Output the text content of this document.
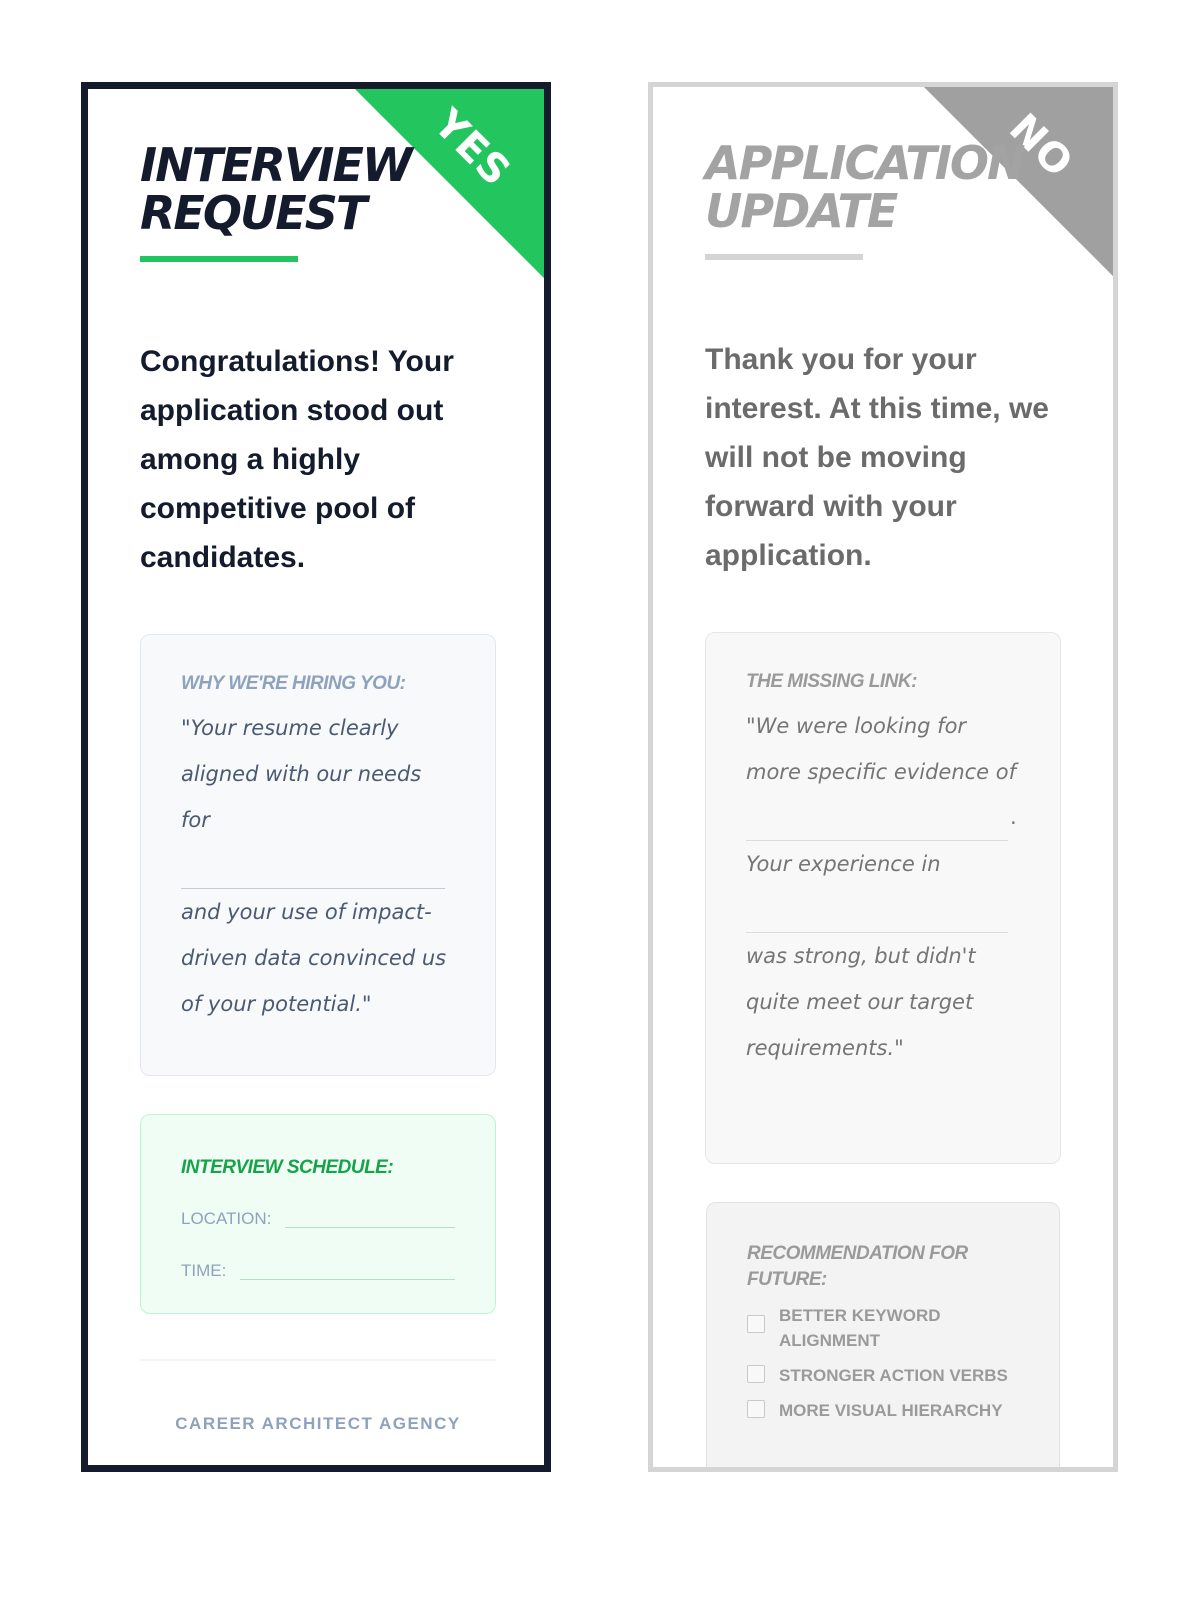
YES
INTERVIEW
REQUEST

Congratulations! Your application stood out among a highly competitive pool of candidates.

WHY WE'RE HIRING YOU:

"Your resume clearly aligned with our needs for

and your use of impact-driven data convinced us of your potential."

INTERVIEW SCHEDULE:

LOCATION:
TIME:
CAREER ARCHITECT AGENCY
NO
APPLICATION
UPDATE

Thank you for your interest. At this time, we will not be moving forward with your application.

THE MISSING LINK:

"We were looking for more specific evidence of

.

Your experience in

was strong, but didn't quite meet our target requirements."

RECOMMENDATION FOR FUTURE:

BETTER KEYWORD ALIGNMENT
STRONGER ACTION VERBS
MORE VISUAL HIERARCHY
